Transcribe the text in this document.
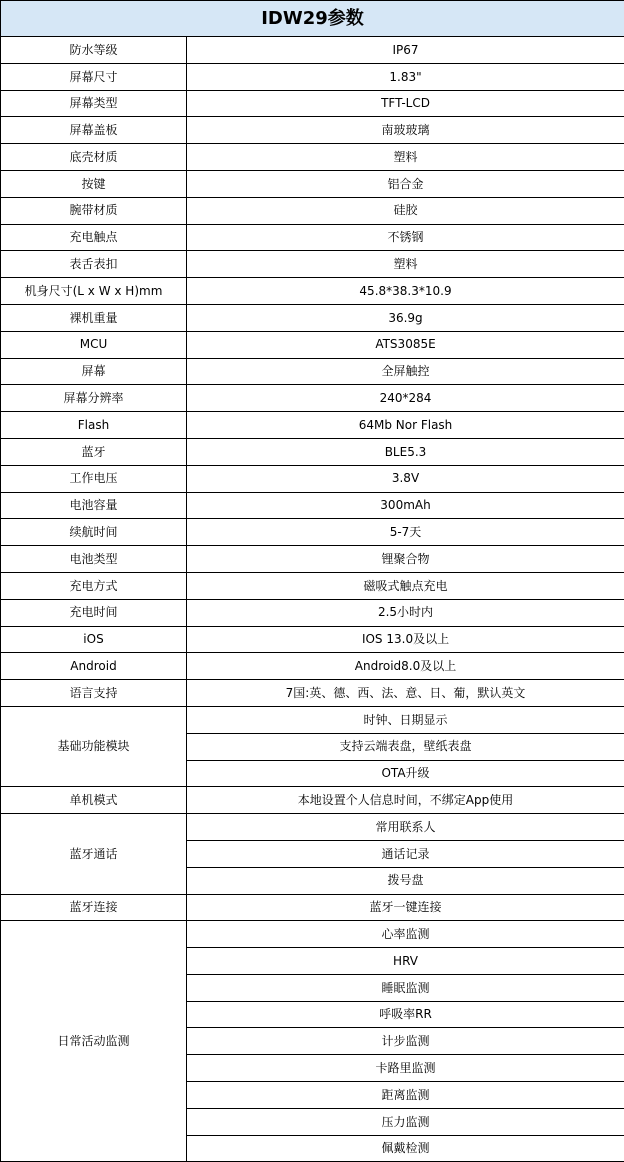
IDW29参数	
防水等级	IP67
屏幕尺寸	1.83"
屏幕类型	TFT-LCD
屏幕盖板	南玻玻璃
底壳材质	塑料
按键	铝合金
腕带材质	硅胶
充电触点	不锈钢
表舌表扣	塑料
机身尺寸(L x W x H)mm	45.8*38.3*10.9
裸机重量	36.9g
MCU	ATS3085E
屏幕	全屏触控
屏幕分辨率	240*284
Flash	64Mb Nor Flash
蓝牙	BLE5.3
工作电压	3.8V
电池容量	300mAh
续航时间	5-7天
电池类型	锂聚合物
充电方式	磁吸式触点充电
充电时间	2.5小时内
iOS	IOS 13.0及以上
Android	Android8.0及以上
语言支持	7国:英、德、西、法、意、日、葡，默认英文
基础功能模块	时钟、日期显示
	支持云端表盘，壁纸表盘
	OTA升级
单机模式	本地设置个人信息时间，不绑定App使用
蓝牙通话	常用联系人
	通话记录
	拨号盘
蓝牙连接	蓝牙一键连接
日常活动监测	心率监测
	HRV
	睡眠监测
	呼吸率RR
	计步监测
	卡路里监测
	距离监测
	压力监测
	佩戴检测
